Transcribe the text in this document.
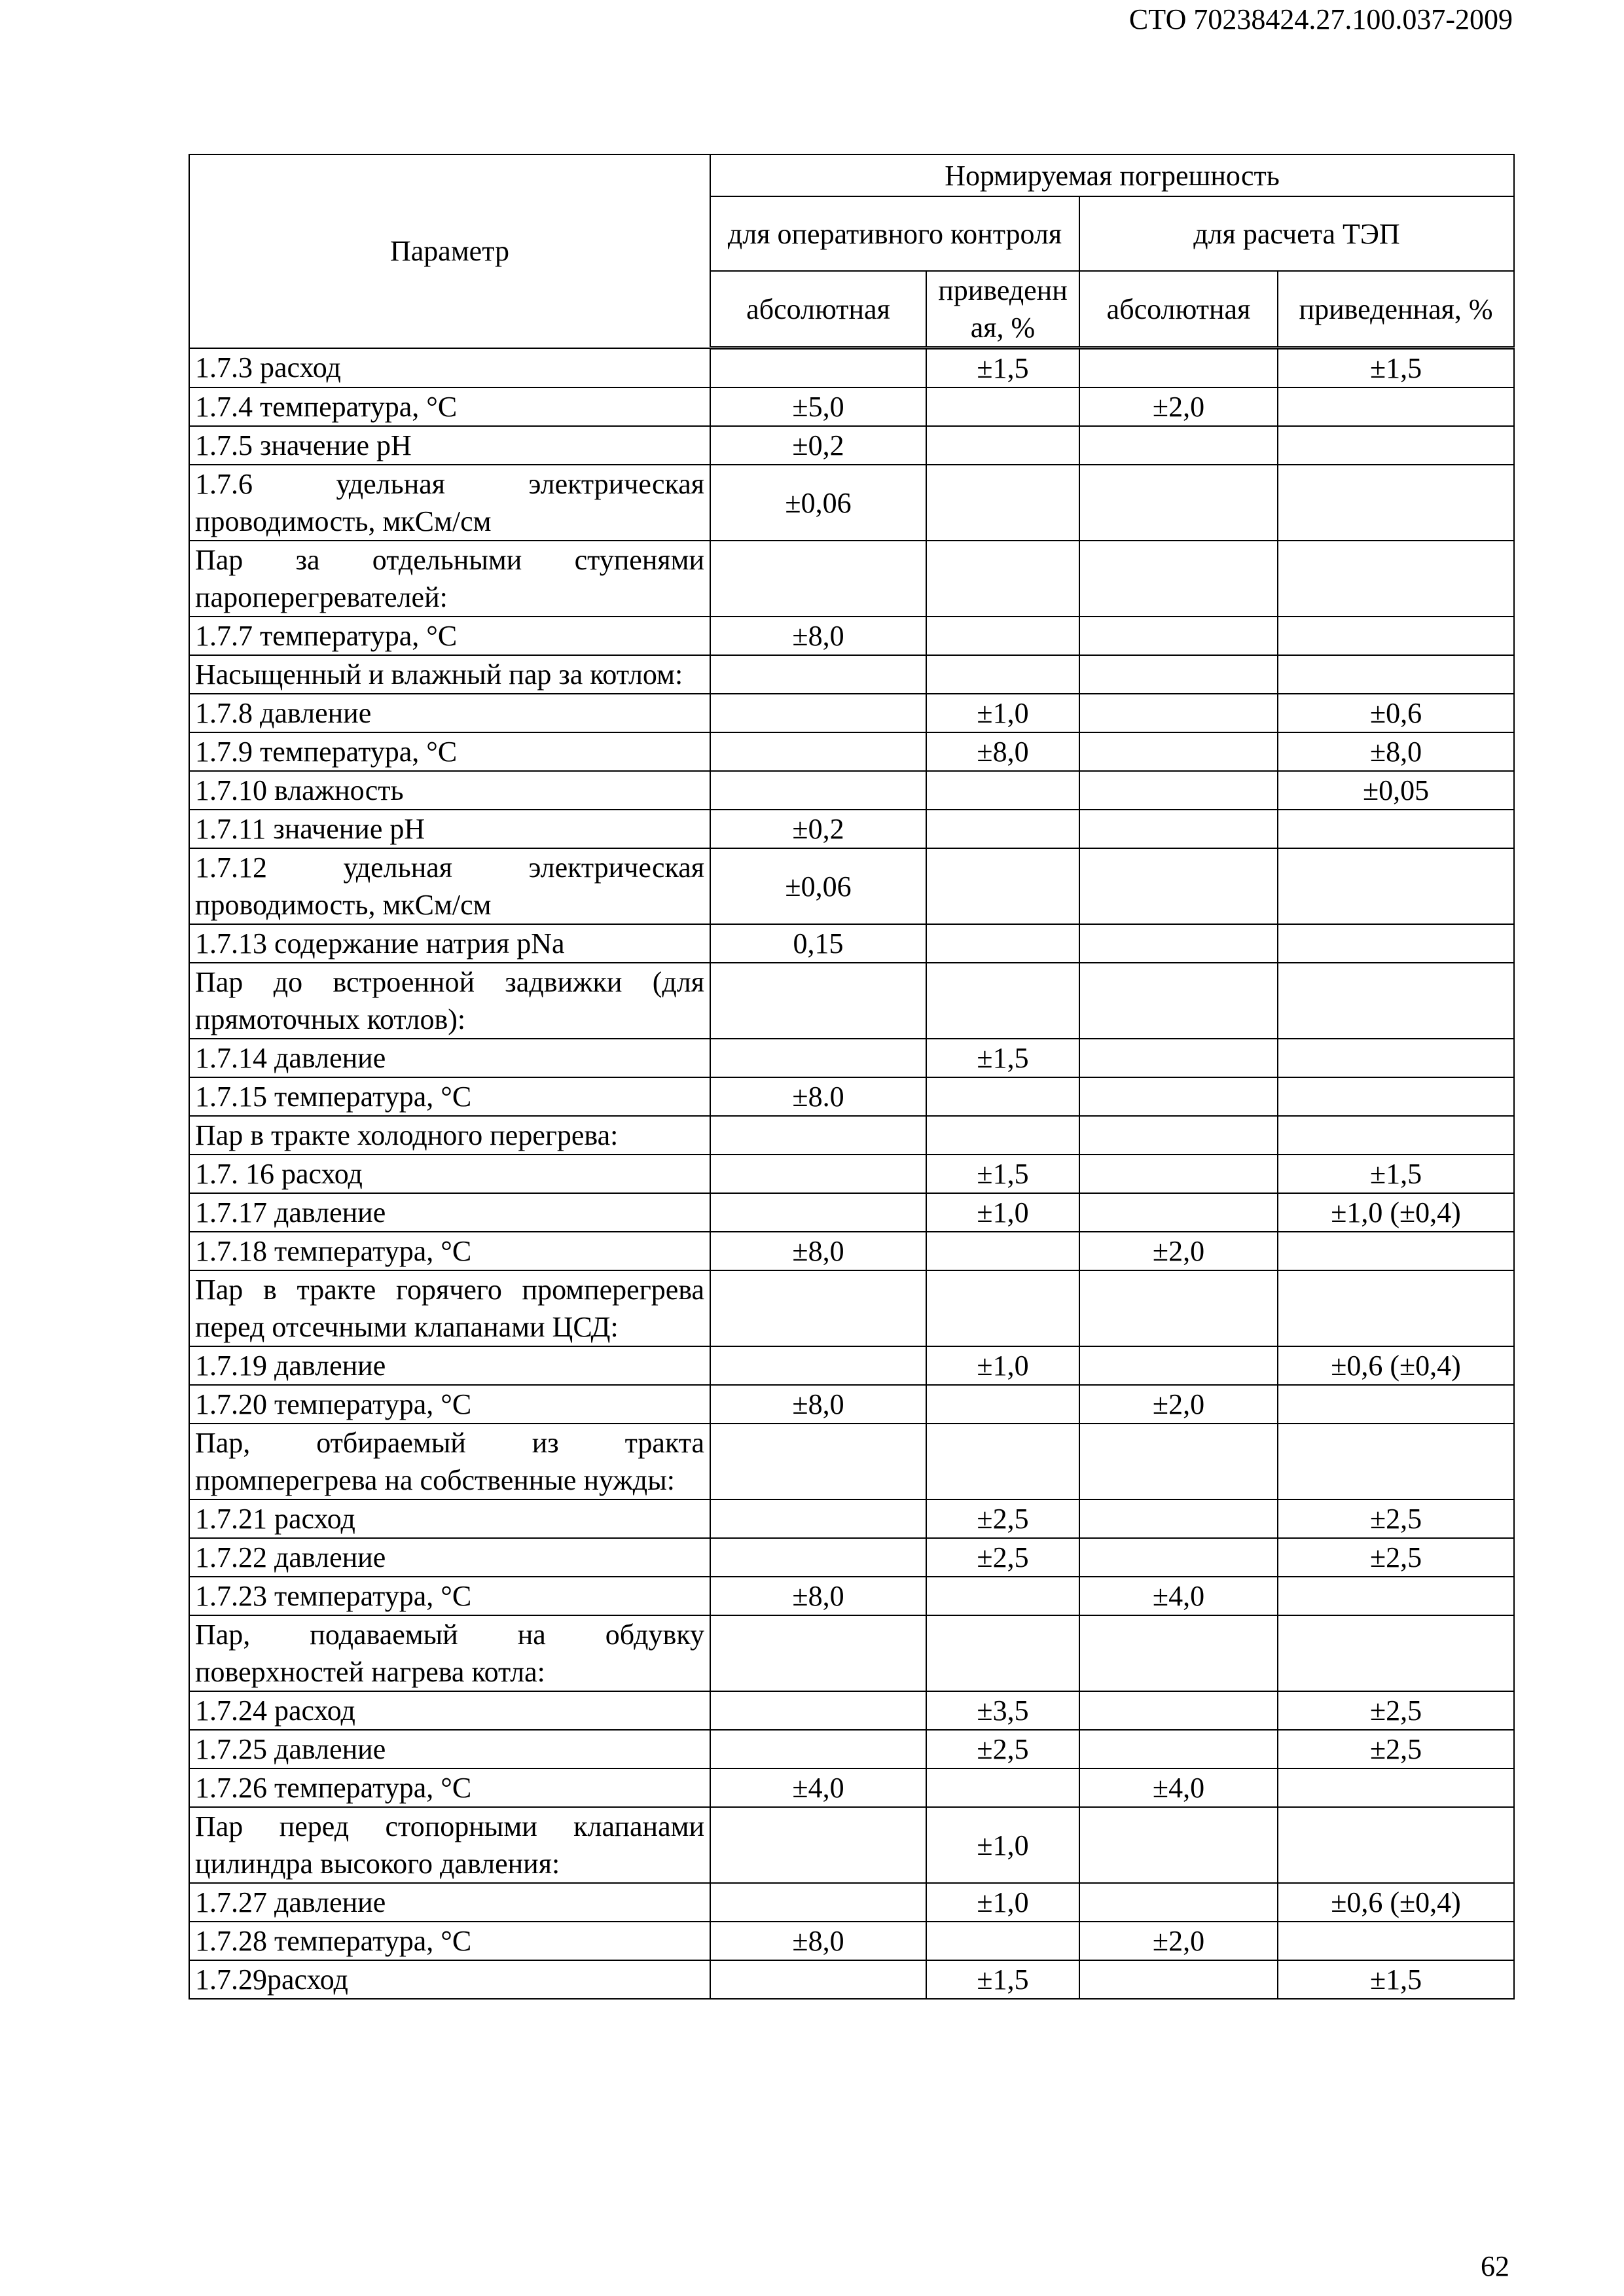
СТО 70238424.27.100.037-2009
Параметр	Нормируемая погрешность			
	для оперативного контроля		для расчета ТЭП	
	абсолютная	приведенн ая, %	абсолютная	приведенная, %
1.7.3 расход		±1,5		±1,5
1.7.4 температура, °С	±5,0		±2,0	
1.7.5 значение рН	±0,2			
1.7.6 удельная электрическая проводимость, мкСм/см	±0,06			
Пар за отдельными ступенями пароперегревателей:				
1.7.7 температура, °С	±8,0			
Насыщенный и влажный пар за котлом:				
1.7.8 давление		±1,0		±0,6
1.7.9 температура, °С		±8,0		±8,0
1.7.10 влажность				±0,05
1.7.11 значение рН	±0,2			
1.7.12 удельная электрическая проводимость, мкСм/см	±0,06			
1.7.13 содержание натрия pNa	0,15			
Пар до встроенной задвижки (для прямоточных котлов):				
1.7.14 давление		±1,5		
1.7.15 температура, °С	±8.0			
Пар в тракте холодного перегрева:				
1.7. 16 расход		±1,5		±1,5
1.7.17 давление		±1,0		±1,0 (±0,4)
1.7.18 температура, °С	±8,0		±2,0	
Пар в тракте горячего промперегрева перед отсечными клапанами ЦСД:				
1.7.19 давление		±1,0		±0,6 (±0,4)
1.7.20 температура, °С	±8,0		±2,0	
Пар, отбираемый из тракта промперегрева на собственные нужды:				
1.7.21 расход		±2,5		±2,5
1.7.22 давление		±2,5		±2,5
1.7.23 температура, °С	±8,0		±4,0	
Пар, подаваемый на обдувку поверхностей нагрева котла:				
1.7.24 расход		±3,5		±2,5
1.7.25 давление		±2,5		±2,5
1.7.26 температура, °С	±4,0		±4,0	
Пар перед стопорными клапанами цилиндра высокого давления:		±1,0		
1.7.27 давление		±1,0		±0,6 (±0,4)
1.7.28 температура, °С	±8,0		±2,0	
1.7.29расход		±1,5		±1,5
62
